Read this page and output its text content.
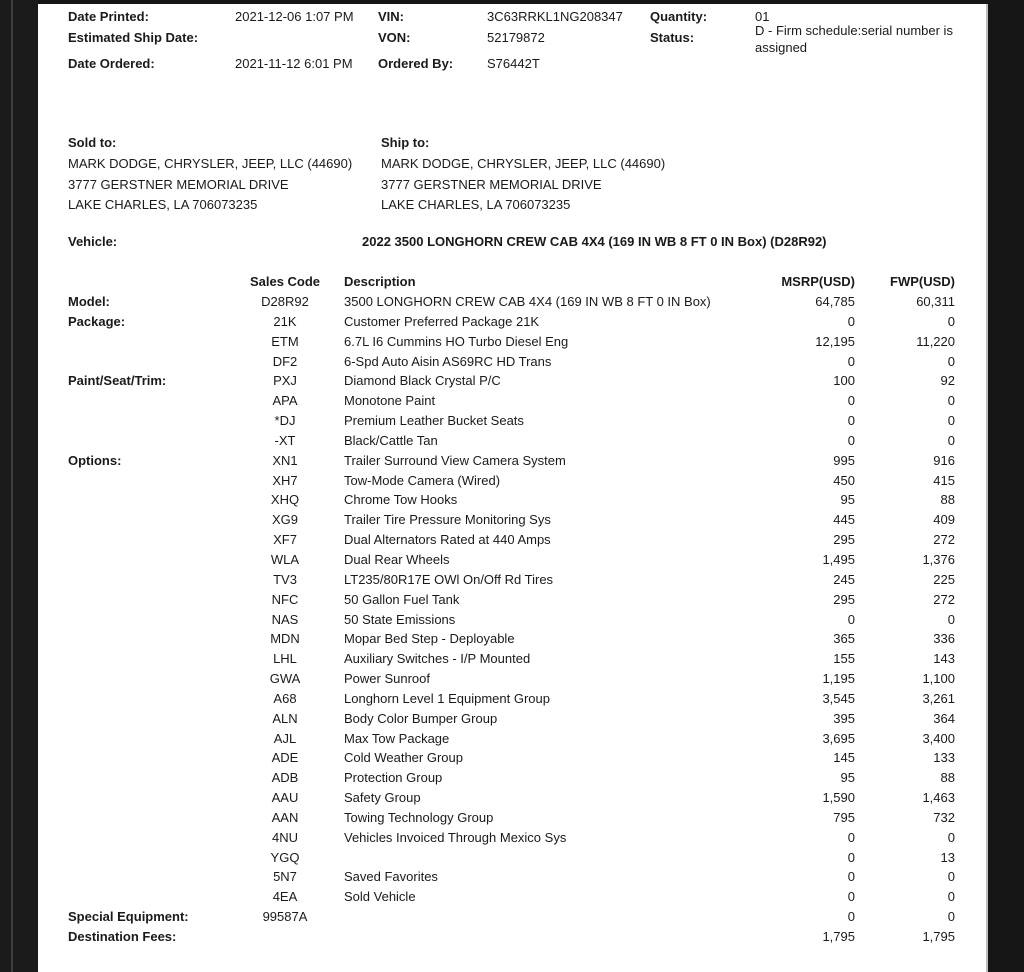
Date Printed:	2021-12-06 1:07 PM VIN:	3C63RRKL1NG208347 Quantity:	01
Estimated Ship Date:	VON:	52179872	Status:	D - Firm schedule:serial number is assigned
Date Ordered:	2021-11-12 6:01 PM Ordered By:	S76442T
Sold to:
MARK DODGE, CHRYSLER, JEEP, LLC (44690)
3777 GERSTNER MEMORIAL DRIVE
LAKE CHARLES, LA 706073235
Ship to:
MARK DODGE, CHRYSLER, JEEP, LLC (44690)
3777 GERSTNER MEMORIAL DRIVE
LAKE CHARLES, LA 706073235
Vehicle:	2022 3500 LONGHORN CREW CAB 4X4 (169 IN WB 8 FT 0 IN Box) (D28R92)
Sales Code	Description	MSRP(USD)	FWP(USD)
Model:	D28R92	3500 LONGHORN CREW CAB 4X4 (169 IN WB 8 FT 0 IN Box)	64,785	60,311
Package:	21K	Customer Preferred Package 21K	0	0
ETM	6.7L I6 Cummins HO Turbo Diesel Eng	12,195	11,220
DF2	6-Spd Auto Aisin AS69RC HD Trans	0	0
Paint/Seat/Trim:	PXJ	Diamond Black Crystal P/C	100	92
APA	Monotone Paint	0	0
*DJ	Premium Leather Bucket Seats	0	0
-XT	Black/Cattle Tan	0	0
Options:	XN1	Trailer Surround View Camera System	995	916
XH7	Tow-Mode Camera (Wired)	450	415
XHQ	Chrome Tow Hooks	95	88
XG9	Trailer Tire Pressure Monitoring Sys	445	409
XF7	Dual Alternators Rated at 440 Amps	295	272
WLA	Dual Rear Wheels	1,495	1,376
TV3	LT235/80R17E OWl On/Off Rd Tires	245	225
NFC	50 Gallon Fuel Tank	295	272
NAS	50 State Emissions	0	0
MDN	Mopar Bed Step - Deployable	365	336
LHL	Auxiliary Switches - I/P Mounted	155	143
GWA	Power Sunroof	1,195	1,100
A68	Longhorn Level 1 Equipment Group	3,545	3,261
ALN	Body Color Bumper Group	395	364
AJL	Max Tow Package	3,695	3,400
ADE	Cold Weather Group	145	133
ADB	Protection Group	95	88
AAU	Safety Group	1,590	1,463
AAN	Towing Technology Group	795	732
4NU	Vehicles Invoiced Through Mexico Sys	0	0
YGQ	0	13
5N7	Saved Favorites	0	0
4EA	Sold Vehicle	0	0
Special Equipment:	99587A	0	0
Destination Fees:	1,795	1,795
